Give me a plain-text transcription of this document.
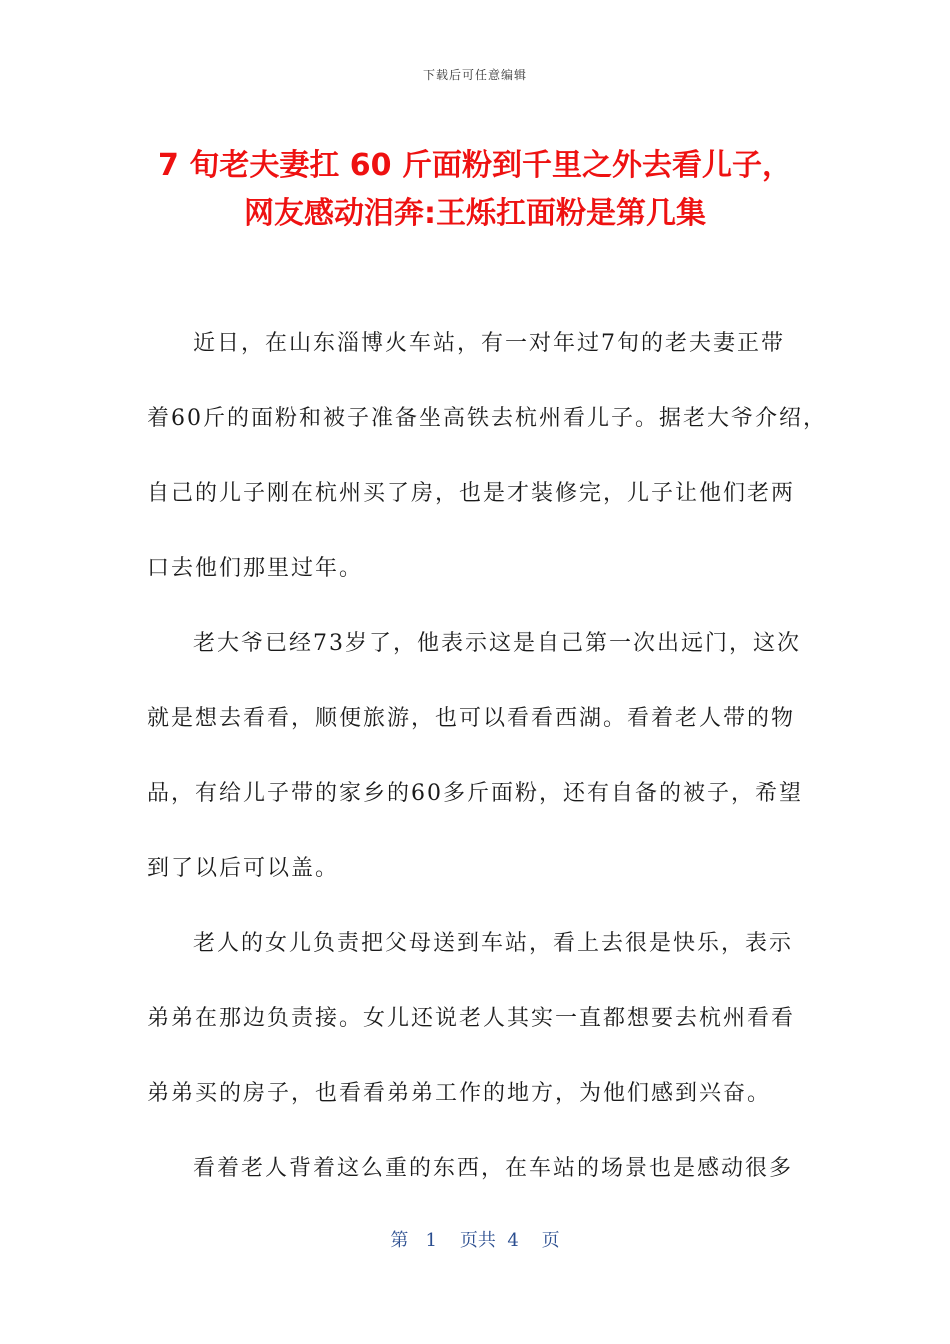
下载后可任意编辑
7 旬老夫妻扛 60 斤面粉到千里之外去看儿子，
网友感动泪奔:王烁扛面粉是第几集
近日，在山东淄博火车站，有一对年过7旬的老夫妻正带
着60斤的面粉和被子准备坐高铁去杭州看儿子。据老大爷介绍，
自己的儿子刚在杭州买了房，也是才装修完，儿子让他们老两
口去他们那里过年。
老大爷已经73岁了，他表示这是自己第一次出远门，这次
就是想去看看，顺便旅游，也可以看看西湖。看着老人带的物
品，有给儿子带的家乡的60多斤面粉，还有自备的被子，希望
到了以后可以盖。
老人的女儿负责把父母送到车站，看上去很是快乐，表示
弟弟在那边负责接。女儿还说老人其实一直都想要去杭州看看
弟弟买的房子，也看看弟弟工作的地方，为他们感到兴奋。
看着老人背着这么重的东西，在车站的场景也是感动很多
第 1 页共 4 页
